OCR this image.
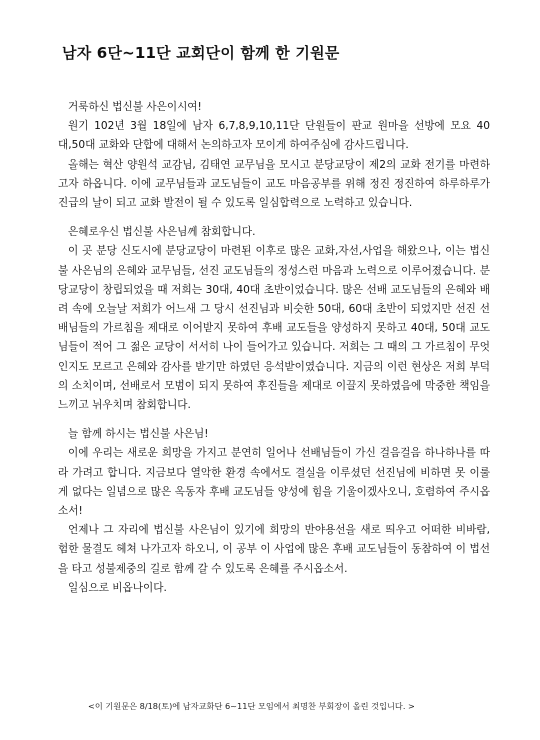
남자 6단~11단 교회단이 함께 한 기원문

거룩하신 법신불 사은이시여!

원기 102년 3월 18일에 남자 6,7,8,9,10,11단 단원들이 판교 원마을 선방에 모요 40대,50대 교화와 단합에 대해서 논의하고자 모이게 하여주심에 감사드립니다.

올해는 혁산 양원석 교감님, 김태연 교무님을 모시고 분당교당이 제2의 교화 전기를 마련하고자 하옵니다. 이에 교무님들과 교도님들이 교도 마음공부를 위해 정진 정진하여 하루하루가 진급의 날이 되고 교화 발전이 될 수 있도록 일심합력으로 노력하고 있습니다.

은혜로우신 법신불 사은님께 참회합니다.

이 곳 분당 신도시에 분당교당이 마련된 이후로 많은 교화,자선,사업을 해왔으나, 이는 법신불 사은님의 은혜와 교무님들, 선진 교도님들의 정성스런 마음과 노력으로 이루어졌습니다. 분당교당이 창립되었을 때 저희는 30대, 40대 초반이었습니다. 많은 선배 교도님들의 은혜와 배려 속에 오늘날 저희가 어느새 그 당시 선진님과 비슷한 50대, 60대 초반이 되었지만 선진 선배님들의 가르침을 제대로 이어받지 못하여 후배 교도들을 양성하지 못하고 40대, 50대 교도님들이 적어 그 젊은 교당이 서서히 나이 들어가고 있습니다. 저희는 그 때의 그 가르침이 무엇인지도 모르고 은혜와 감사를 받기만 하였던 응석받이였습니다. 지금의 이런 현상은 저희 부덕의 소치이며, 선배로서 모범이 되지 못하여 후진들을 제대로 이끌지 못하였음에 막중한 책임을 느끼고 뉘우치며 참회합니다.

늘 함께 하시는 법신불 사은님!

이에 우리는 새로운 희망을 가지고 분연히 일어나 선배님들이 가신 걸음걸음 하나하나를 따라 가려고 합니다. 지금보다 열악한 환경 속에서도 결실을 이루셨던 선진님에 비하면 못 이룰 게 없다는 일념으로 많은 옥동자 후배 교도님들 양성에 힘을 기울이겠사오니, 호렴하여 주시옵소서!

언제나 그 자리에 법신불 사은님이 있기에 희망의 반야용선을 새로 띄우고 어떠한 비바람, 험한 물결도 헤쳐 나가고자 하오니, 이 공부 이 사업에 많은 후배 교도님들이 동참하여 이 법선을 타고 성불제중의 길로 함께 갈 수 있도록 은혜를 주시옵소서.

일심으로 비옵나이다.

<이 기원문은 8/18(토)에 남자교화단 6~11단 모임에서 최명찬 부회장이 올린 것입니다. >
